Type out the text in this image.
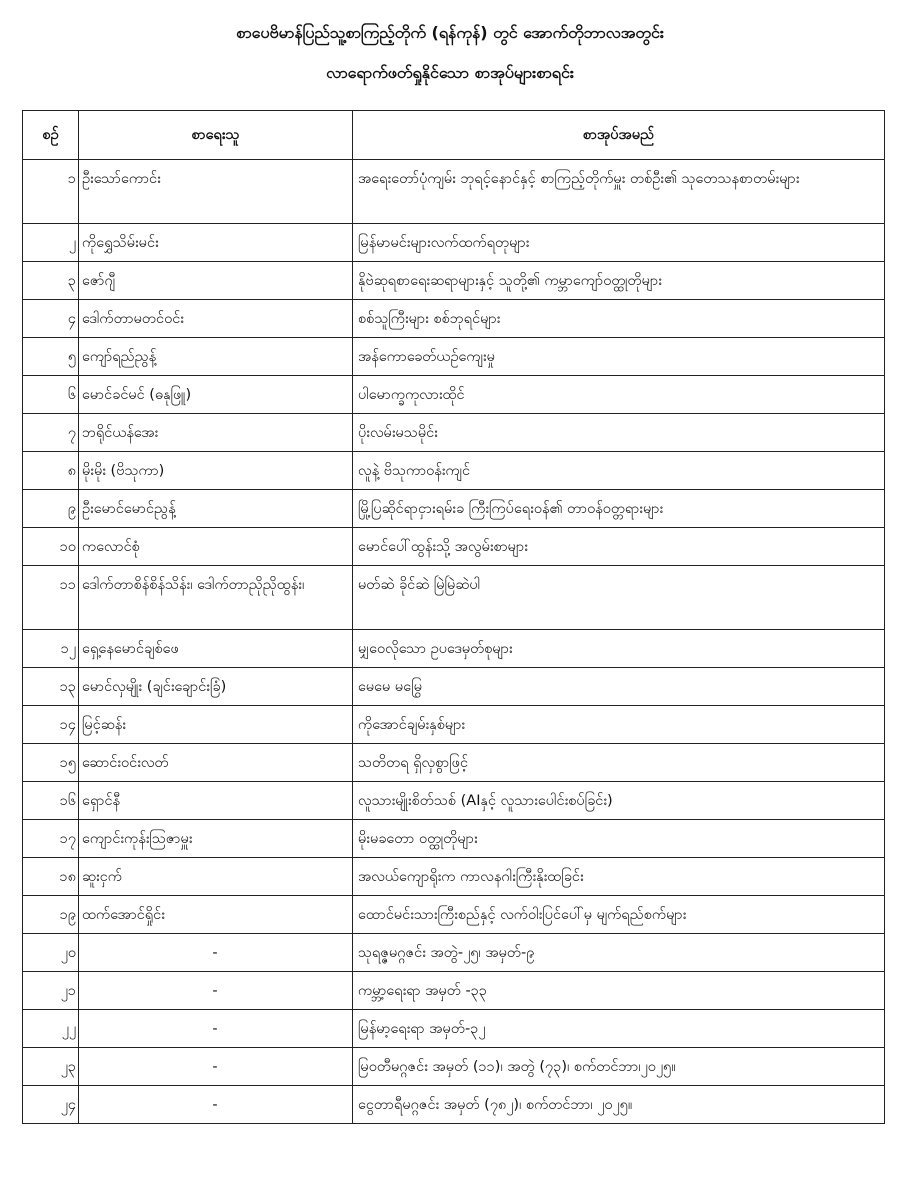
စာပေဗိမာန်ပြည်သူ့စာကြည့်တိုက် (ရန်ကုန်) တွင် အောက်တိုဘာလအတွင်း
လာရောက်ဖတ်ရှုနိုင်သော စာအုပ်များစာရင်း
စဉ်	စာရေးသူ	စာအုပ်အမည်
၁	ဦးသော်ကောင်း	အရေးတော်ပုံကျမ်း ဘုရင့်နောင်နှင့် စာကြည့်တိုက်မှူး တစ်ဦး၏ သုတေသနစာတမ်းများ
၂	ကိုရွှေသိမ်းမင်း	မြန်မာမင်းများလက်ထက်ရတုများ
၃	ဇော်ဂျီ	နိုဗဲဆုရစာရေးဆရာများနှင့် သူတို့၏ ကမ္ဘာကျော်ဝတ္ထုတိုများ
၄	ဒေါက်တာမတင်ဝင်း	စစ်သူကြီးများ စစ်ဘုရင်များ
၅	ကျော်ရည်ညွန့်	အန်ကောခေတ်ယဉ်ကျေးမှု
၆	မောင်ခင်မင် (ဓနုဖြူ)	ပါမောက္ခကုလားထိုင်
၇	ဘရိုင်ယန်အေး	ပိုးလမ်းမသမိုင်း
၈	မိုးမိုး (ဗိသုကာ)	လူနဲ့ ဗိသုကာဝန်းကျင်
၉	ဦးမောင်မောင်ညွန့်	မြို့ပြဆိုင်ရာငှားရမ်းခ ကြီးကြပ်ရေးဝန်၏ တာဝန်ဝတ္တရားများ
၁၀	ကလောင်စုံ	မောင်ပေါ်ထွန်းသို့ အလွမ်းစာများ
၁၁	ဒေါက်တာစိန်စိန်သိန်း၊ ဒေါက်တာညိုညိုထွန်း၊	မတ်ဆဲ ခိုင်ဆဲ မြဲမြဲဆဲပါ
၁၂	ရှေ့နေမောင်ချစ်ဖေ	မျှဝေလိုသော ဥပဒေမှတ်စုများ
၁၃	မောင်လှမျိုး (ချင်းချောင်းခြံ)	မေမေ မမြွေ
၁၄	မြင့်ဆန်း	ကိုအောင်ချမ်းနှစ်များ
၁၅	ဆောင်းဝင်းလတ်	သတိတရ ရှိလှစွာဖြင့်
၁၆	ရှောင်နီ	လူသားမျိုးစိတ်သစ် (AIနှင့် လူသားပေါင်းစပ်ခြင်း)
၁၇	ကျောင်းကုန်းဩဇာမှူး	မိုးမခတော ဝတ္ထုတိုများ
၁၈	ဆူးငှက်	အလယ်ကျောရိုးက ကာလနဂါးကြီးနိုးထခြင်း
၁၉	ထက်အောင်ရှိုင်း	ထောင်မင်းသားကြီးစည်နှင့် လက်ဝါးပြင်ပေါ်မှ မျက်ရည်စက်များ
၂၀	-	သုရဇ္ဇမဂ္ဂဇင်း အတွဲ-၂၅၊ အမှတ်-၉
၂၁	-	ကမ္ဘာ့ရေးရာ အမှတ် -၃၃
၂၂	-	မြန်မာ့ရေးရာ အမှတ်-၃၂
၂၃	-	မြဝတီမဂ္ဂဇင်း အမှတ် (၁၁)၊ အတွဲ (၇၃)၊ စက်တင်ဘာ၊၂၀၂၅။
၂၄	-	ငွေတာရီမဂ္ဂဇင်း အမှတ် (၇၈၂)၊ စက်တင်ဘာ၊ ၂၀၂၅။
